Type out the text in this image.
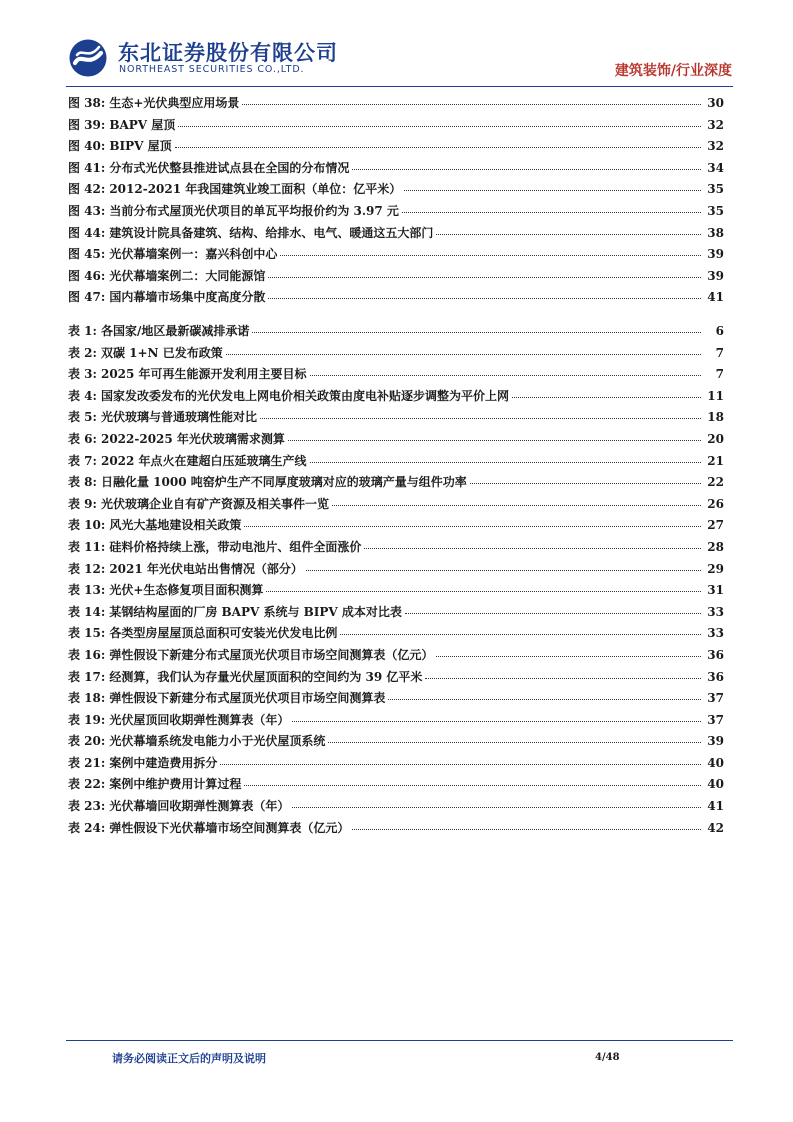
东北证券股份有限公司
NORTHEAST SECURITIES CO.,LTD.	建筑装饰/行业深度
图 38: 生态+光伏典型应用场景	30
图 39: BAPV 屋顶	32
图 40: BIPV 屋顶	32
图 41: 分布式光伏整县推进试点县在全国的分布情况	34
图 42: 2012-2021 年我国建筑业竣工面积（单位：亿平米）	35
图 43: 当前分布式屋顶光伏项目的单瓦平均报价约为 3.97 元	35
图 44: 建筑设计院具备建筑、结构、给排水、电气、暖通这五大部门	38
图 45: 光伏幕墙案例一：嘉兴科创中心	39
图 46: 光伏幕墙案例二：大同能源馆	39
图 47: 国内幕墙市场集中度高度分散	41
表 1: 各国家/地区最新碳减排承诺	6
表 2: 双碳 1+N 已发布政策	7
表 3: 2025 年可再生能源开发利用主要目标	7
表 4: 国家发改委发布的光伏发电上网电价相关政策由度电补贴逐步调整为平价上网	11
表 5: 光伏玻璃与普通玻璃性能对比	18
表 6: 2022-2025 年光伏玻璃需求测算	20
表 7: 2022 年点火在建超白压延玻璃生产线	21
表 8: 日融化量 1000 吨窑炉生产不同厚度玻璃对应的玻璃产量与组件功率	22
表 9: 光伏玻璃企业自有矿产资源及相关事件一览	26
表 10: 风光大基地建设相关政策	27
表 11: 硅料价格持续上涨，带动电池片、组件全面涨价	28
表 12: 2021 年光伏电站出售情况（部分）	29
表 13: 光伏+生态修复项目面积测算	31
表 14: 某钢结构屋面的厂房 BAPV 系统与 BIPV 成本对比表	33
表 15: 各类型房屋屋顶总面积可安装光伏发电比例	33
表 16: 弹性假设下新建分布式屋顶光伏项目市场空间测算表（亿元）	36
表 17: 经测算，我们认为存量光伏屋顶面积的空间约为 39 亿平米	36
表 18: 弹性假设下新建分布式屋顶光伏项目市场空间测算表	37
表 19: 光伏屋顶回收期弹性测算表（年）	37
表 20: 光伏幕墙系统发电能力小于光伏屋顶系统	39
表 21: 案例中建造费用拆分	40
表 22: 案例中维护费用计算过程	40
表 23: 光伏幕墙回收期弹性测算表（年）	41
表 24: 弹性假设下光伏幕墙市场空间测算表（亿元）	42
请务必阅读正文后的声明及说明	4/48
